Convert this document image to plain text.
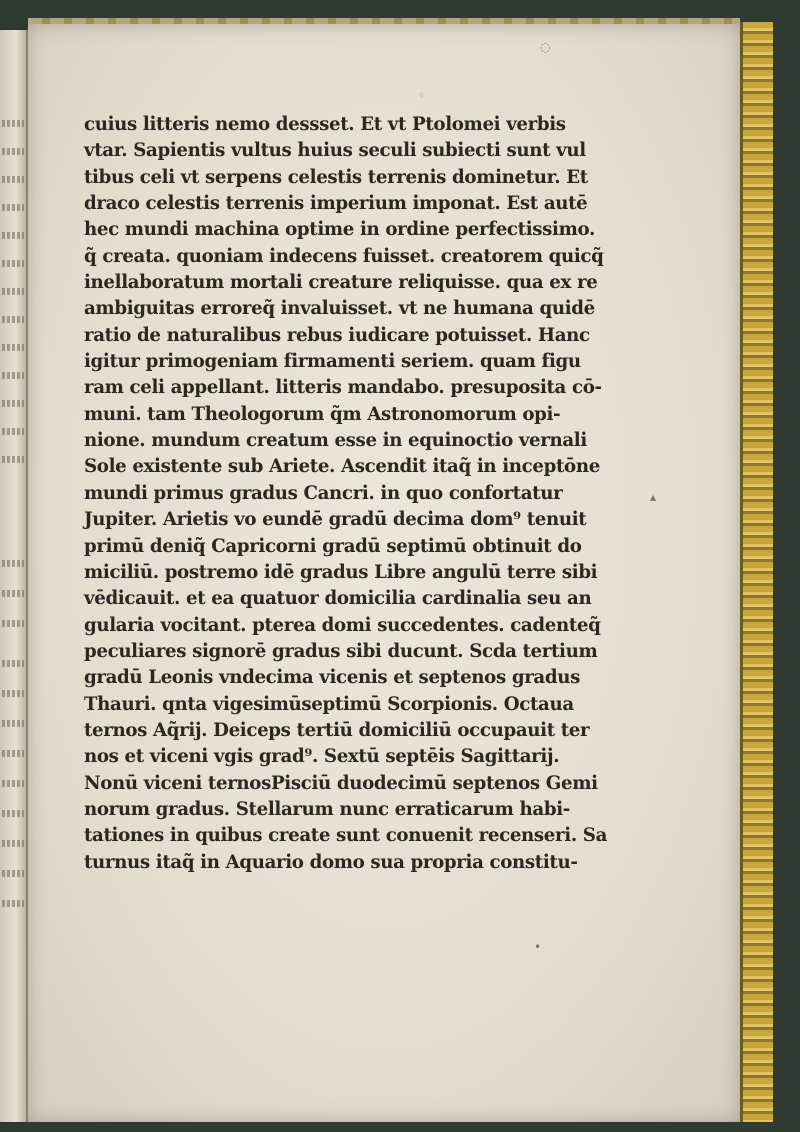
◌
◦
▴
•
cuius litteris nemo dessset. Et vt Ptolomei verbis
vtar. Sapientis vultus huius seculi subiecti sunt vul
tibus celi vt serpens celestis terrenis dominetur. Et
draco celestis terrenis imperium imponat. Est autē
hec mundi machina optime in ordine perfectissimo.
q̃ creata. quoniam indecens fuisset. creatorem quicq̃
inellaboratum mortali creature reliquisse. qua ex re
ambiguitas erroreq̃ invaluisset. vt ne humana quidē
ratio de naturalibus rebus iudicare potuisset. Hanc
igitur primogeniam firmamenti seriem. quam figu
ram celi appellant. litteris mandabo. presuposita cō-
muni. tam Theologorum q̃m Astronomorum opi-
nione. mundum creatum esse in equinoctio vernali
Sole existente sub Ariete. Ascendit itaq̃ in inceptōne
mundi primus gradus Cancri. in quo confortatur
Jupiter. Arietis vo eundē gradū decima dom⁹ tenuit
primū deniq̃ Capricorni gradū septimū obtinuit do
miciliū. postremo idē gradus Libre angulū terre sibi
vēdicauit. et ea quatuor domicilia cardinalia seu an
gularia vocitant. pterea domi succedentes. cadenteq̃
peculiares signorē gradus sibi ducunt. Scda tertium
gradū Leonis vndecima vicenis et septenos gradus
Thauri. qnta vigesimūseptimū Scorpionis. Octaua
ternos Aq̃rij. Deiceps tertiū domiciliū occupauit ter
nos et viceni vgis grad⁹. Sextū septēis Sagittarij.
Nonū viceni ternosPisciū duodecimū septenos Gemi
norum gradus. Stellarum nunc erraticarum habi-
tationes in quibus create sunt conuenit recenseri. Sa
turnus itaq̃ in Aquario domo sua propria constitu-
